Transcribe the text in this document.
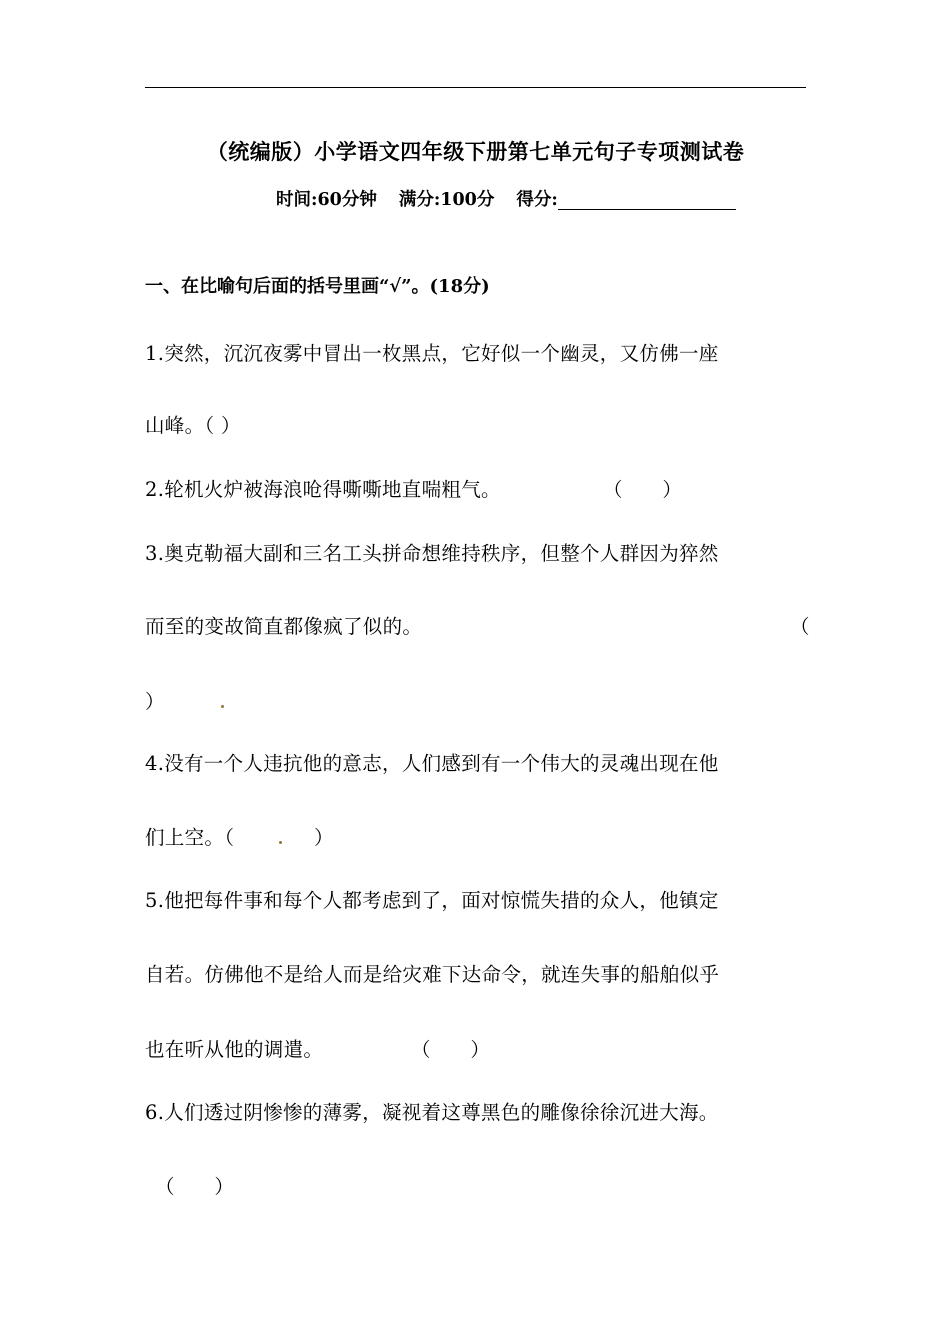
（统编版）小学语文四年级下册第七单元句子专项测试卷
时间:60分钟 满分:100分 得分:
一、在比喻句后面的括号里画“√”。(18分)
1.突然，沉沉夜雾中冒出一枚黑点，它好似一个幽灵，又仿佛一座
山峰。（ ）
2.轮机火炉被海浪呛得嘶嘶地直喘粗气。	（　　）
3.奥克勒福大副和三名工头拼命想维持秩序，但整个人群因为猝然
而至的变故简直都像疯了似的。	（
）
4.没有一个人违抗他的意志，人们感到有一个伟大的灵魂出现在他
们上空。（	）
5.他把每件事和每个人都考虑到了，面对惊慌失措的众人，他镇定
自若。仿佛他不是给人而是给灾难下达命令，就连失事的船舶似乎
也在听从他的调遣。	（　　）
6.人们透过阴惨惨的薄雾，凝视着这尊黑色的雕像徐徐沉进大海。
（　　）
